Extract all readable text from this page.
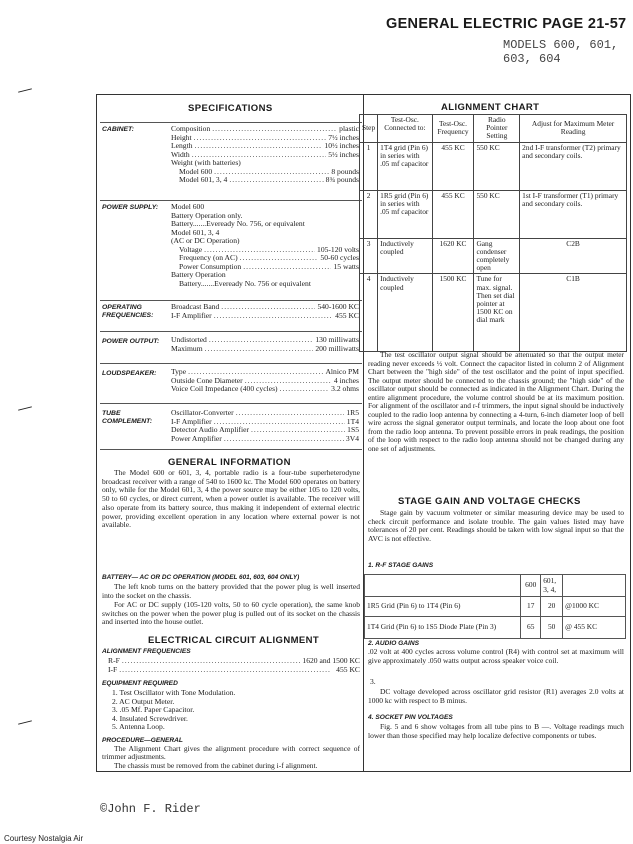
GENERAL ELECTRIC PAGE 21-57
MODELS 600, 601,
603, 604
SPECIFICATIONS
CABINET:	Composition .....	plastic
Height .....	7½ inches
Length .....	10½ inches
Width .....	5½ inches
Weight (with batteries)
Model 600 .....	8 pounds
Model 601, 3, 4 .....	8¾ pounds
POWER SUPPLY:	Model 600
Battery Operation only.
Battery.......Eveready No. 756, or equivalent
Model 601, 3, 4
(AC or DC Operation)
Voltage .....	105-120 volts
Frequency (on AC) .....	50-60 cycles
Power Consumption .....	15 watts
Battery Operation
Battery.......Eveready No. 756 or equivalent
OPERATING FREQUENCIES:
Broadcast Band .....	540-1600 KC
I-F Amplifier .....	455 KC
POWER OUTPUT:	Undistorted .....	130 milliwatts
Maximum .....	200 milliwatts
LOUDSPEAKER:	Type .....	Alnico PM
Outside Cone Diameter .....	4 inches
Voice Coil Impedance (400 cycles) .....	3.2 ohms
TUBE COMPLEMENT:
Oscillator-Converter .....	1R5
I-F Amplifier .....	1T4
Detector Audio Amplifier .....	1S5
Power Amplifier .....	3V4
GENERAL INFORMATION
The Model 600 or 601, 3, 4, portable radio is a four-tube superheterodyne broadcast receiver with a range of 540 to 1600 kc. The Model 600 operates on battery only, while for the Model 601, 3, 4 the power source may be either 105 to 120 volts, 50 to 60 cycles, or direct current, when a power outlet is available. The receiver will also operate from its battery source, thus making it independent of external electric power, providing excellent operation in any location where external power is not available.
BATTERY— AC OR DC OPERATION (MODEL 601, 603, 604 ONLY)
The left knob turns on the battery provided that the power plug is well inserted into the socket on the chassis.
For AC or DC supply (105-120 volts, 50 to 60 cycle operation), the same knob switches on the power when the power plug is pulled out of its socket on the chassis and inserted into the house outlet.
ELECTRICAL CIRCUIT ALIGNMENT
ALIGNMENT FREQUENCIES
R-F .....	1620 and 1500 KC
I-F .....	455 KC
EQUIPMENT REQUIRED
1. Test Oscillator with Tone Modulation.
2. AC Output Meter.
3. .05 Mf. Paper Capacitor.
4. Insulated Screwdriver.
5. Antenna Loop.
PROCEDURE—GENERAL
The Alignment Chart gives the alignment procedure with correct sequence of trimmer adjustments.
The chassis must be removed from the cabinet during i-f alignment.
ALIGNMENT CHART
Step	Test-Osc. Connected to:	Test-Osc. Frequency	Radio Pointer Setting	Adjust for Maximum Meter Reading
1	1T4 grid (Pin 6) in series with .05 mf capacitor	455 KC	550 KC	2nd I-F transformer (T2) primary and secondary coils.
2	1R5 grid (Pin 6) in series with .05 mf capacitor	455 KC	550 KC	1st I-F transformer (T1) primary and secondary coils.
3	Inductively coupled	1620 KC	Gang condenser completely open	C2B
4	Inductively coupled	1500 KC	Tune for max. signal. Then set dial pointer at 1500 KC on dial mark	C1B
The test oscillator output signal should be attenuated so that the output meter reading never exceeds ½ volt. Connect the capacitor listed in column 2 of Alignment Chart between the "high side" of the test oscillator and the point of input specified. The output meter should be connected to the chassis ground; the "high side" of the oscillator output should be connected as indicated in the Alignment Chart. During the entire alignment procedure, the volume control should be at its maximum position. For alignment of the oscillator and r-f trimmers, the input signal should be inductively coupled to the radio loop antenna by connecting a 4-turn, 6-inch diameter loop of bell wire across the signal generator output terminals, and locate the loop about one foot from the radio loop antenna. To prevent possible errors in peak readings, the position of the loop with respect to the radio loop antenna should not be changed during any one set of adjustments.
STAGE GAIN AND VOLTAGE CHECKS
Stage gain by vacuum voltmeter or similar measuring device may be used to check circuit performance and isolate trouble. The gain values listed may have tolerances of 20 per cent. Readings should be taken with low signal input so that the AVC is not effective.
1. R-F STAGE GAINS
	600	601, 3, 4,	
1R5 Grid (Pin 6) to 1T4 (Pin 6)	17	20	@1000 KC
1T4 Grid (Pin 6) to 1S5 Diode Plate (Pin 3)	65	50	@ 455 KC
2. AUDIO GAINS
.02 volt at 400 cycles across volume control (R4) with control set at maximum will give approximately .050 watts output across speaker voice coil.
3.
DC voltage developed across oscillator grid resistor (R1) averages 2.0 volts at 1000 kc with respect to B minus.
4. SOCKET PIN VOLTAGES
Fig. 5 and 6 show voltages from all tube pins to B —. Voltage readings much lower than those specified may help localize defective components or tubes.
©John F. Rider
Courtesy Nostalgia Air
